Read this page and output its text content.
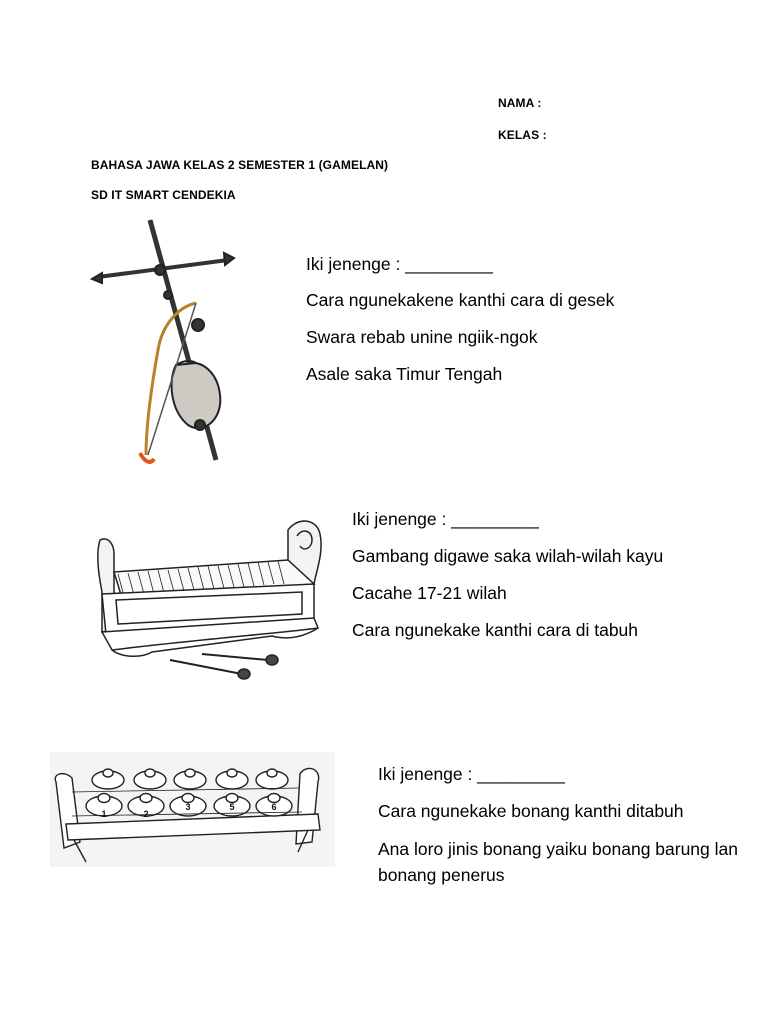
NAMA :
KELAS :
BAHASA JAWA KELAS 2 SEMESTER 1 (GAMELAN)
SD IT SMART CENDEKIA
Iki jenenge : _________
Cara ngunekakene kanthi cara di gesek
Swara rebab unine ngiik-ngok
Asale saka Timur Tengah
Iki jenenge : _________
Gambang digawe saka wilah-wilah kayu
Cacahe 17-21 wilah
Cara ngunekake kanthi cara di tabuh
1	2
3	5	6
Iki jenenge : _________
Cara ngunekake bonang kanthi ditabuh
Ana loro jinis bonang yaiku bonang barung lan bonang penerus
